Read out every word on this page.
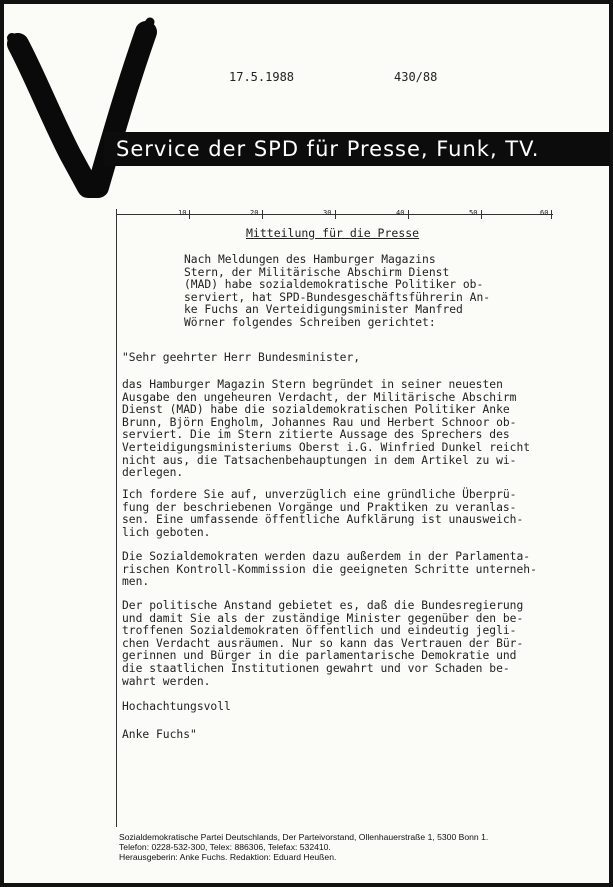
17.5.1988	430/88
Service der SPD für Presse, Funk, TV.
10	20	30	40	50	60
Mitteilung für die Presse
Nach Meldungen des Hamburger Magazins
Stern, der Militärische Abschirm Dienst
(MAD) habe sozialdemokratische Politiker ob-
serviert, hat SPD-Bundesgeschäftsführerin An-
ke Fuchs an Verteidigungsminister Manfred
Wörner folgendes Schreiben gerichtet:
"Sehr geehrter Herr Bundesminister,
das Hamburger Magazin Stern begründet in seiner neuesten
Ausgabe den ungeheuren Verdacht, der Militärische Abschirm
Dienst (MAD) habe die sozialdemokratischen Politiker Anke
Brunn, Björn Engholm, Johannes Rau und Herbert Schnoor ob-
serviert. Die im Stern zitierte Aussage des Sprechers des
Verteidigungsministeriums Oberst i.G. Winfried Dunkel reicht
nicht aus, die Tatsachenbehauptungen in dem Artikel zu wi-
derlegen.
Ich fordere Sie auf, unverzüglich eine gründliche Überprü-
fung der beschriebenen Vorgänge und Praktiken zu veranlas-
sen. Eine umfassende öffentliche Aufklärung ist unausweich-
lich geboten.
Die Sozialdemokraten werden dazu außerdem in der Parlamenta-
rischen Kontroll-Kommission die geeigneten Schritte unterneh-
men.
Der politische Anstand gebietet es, daß die Bundesregierung
und damit Sie als der zuständige Minister gegenüber den be-
troffenen Sozialdemokraten öffentlich und eindeutig jegli-
chen Verdacht ausräumen. Nur so kann das Vertrauen der Bür-
gerinnen und Bürger in die parlamentarische Demokratie und
die staatlichen Institutionen gewahrt und vor Schaden be-
wahrt werden.
Hochachtungsvoll
Anke Fuchs"
Sozialdemokratische Partei Deutschlands, Der Parteivorstand, Ollenhauerstraße 1, 5300 Bonn 1.
Telefon: 0228-532-300, Telex: 886306, Telefax: 532410.
Herausgeberin: Anke Fuchs. Redaktion: Eduard Heußen.
